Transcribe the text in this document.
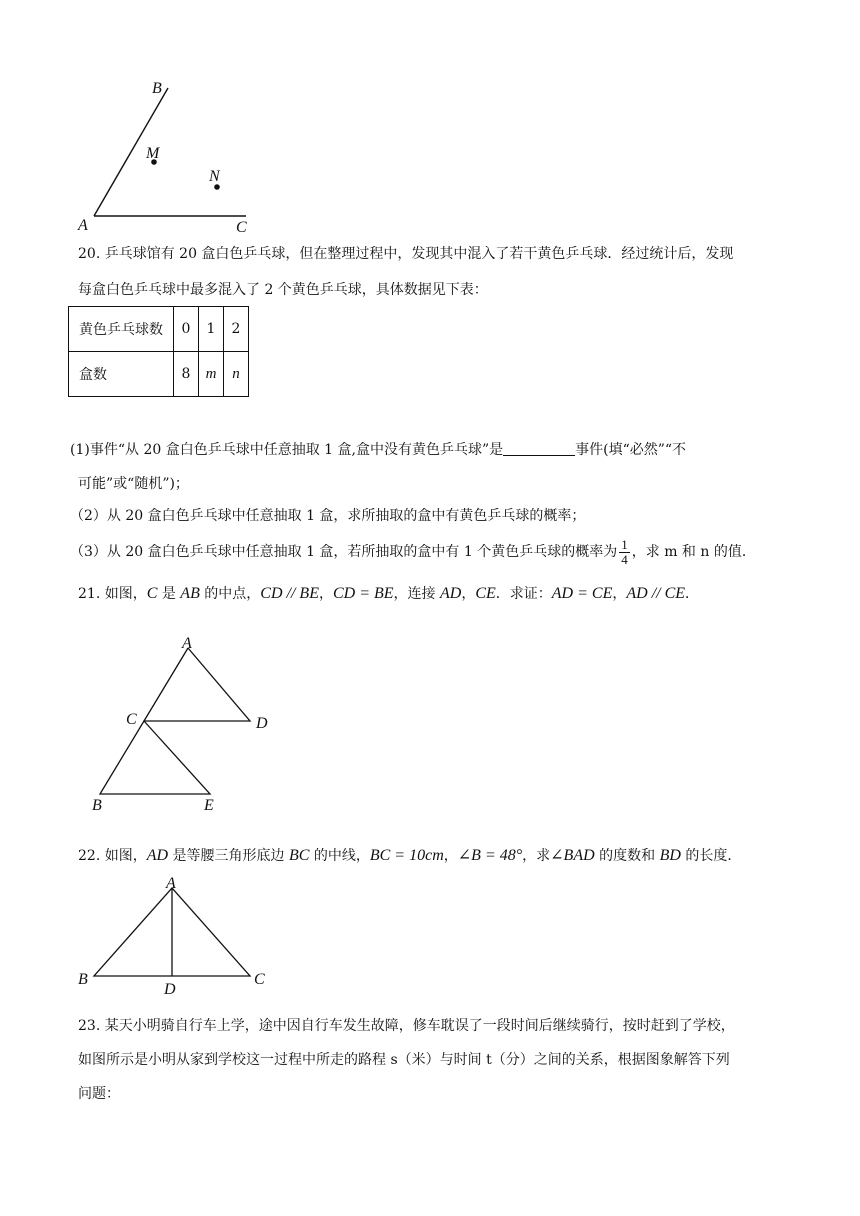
B
M
N
A	C
20. 乒乓球馆有 20 盒白色乒乓球，但在整理过程中，发现其中混入了若干黄色乒乓球．经过统计后，发现
每盒白色乒乓球中最多混入了 2 个黄色乒乓球，具体数据见下表：
黄色乒乓球数	0	1	2
盒数	8	m	n
(1)事件“从 20 盒白色乒乓球中任意抽取 1 盒,盒中没有黄色乒乓球”是	事件(填“必然”“不
可能”或“随机”)；
（2）从 20 盒白色乒乓球中任意抽取 1 盒，求所抽取的盒中有黄色乒乓球的概率；
（3）从 20 盒白色乒乓球中任意抽取 1 盒，若所抽取的盒中有 1 个黄色乒乓球的概率为 $\frac{1}{4}$ ，求 m 和 n 的值．
21. 如图，C 是 AB 的中点，CD // BE，CD = BE，连接 AD，CE．求证：AD = CE，AD // CE．
A
C	D
B	E
22. 如图，AD 是等腰三角形底边 BC 的中线，BC = 10cm，∠B = 48°，求∠BAD 的度数和 BD 的长度．
A
B	C
D
23. 某天小明骑自行车上学，途中因自行车发生故障，修车耽误了一段时间后继续骑行，按时赶到了学校，
如图所示是小明从家到学校这一过程中所走的路程 s（米）与时间 t（分）之间的关系，根据图象解答下列
问题：
